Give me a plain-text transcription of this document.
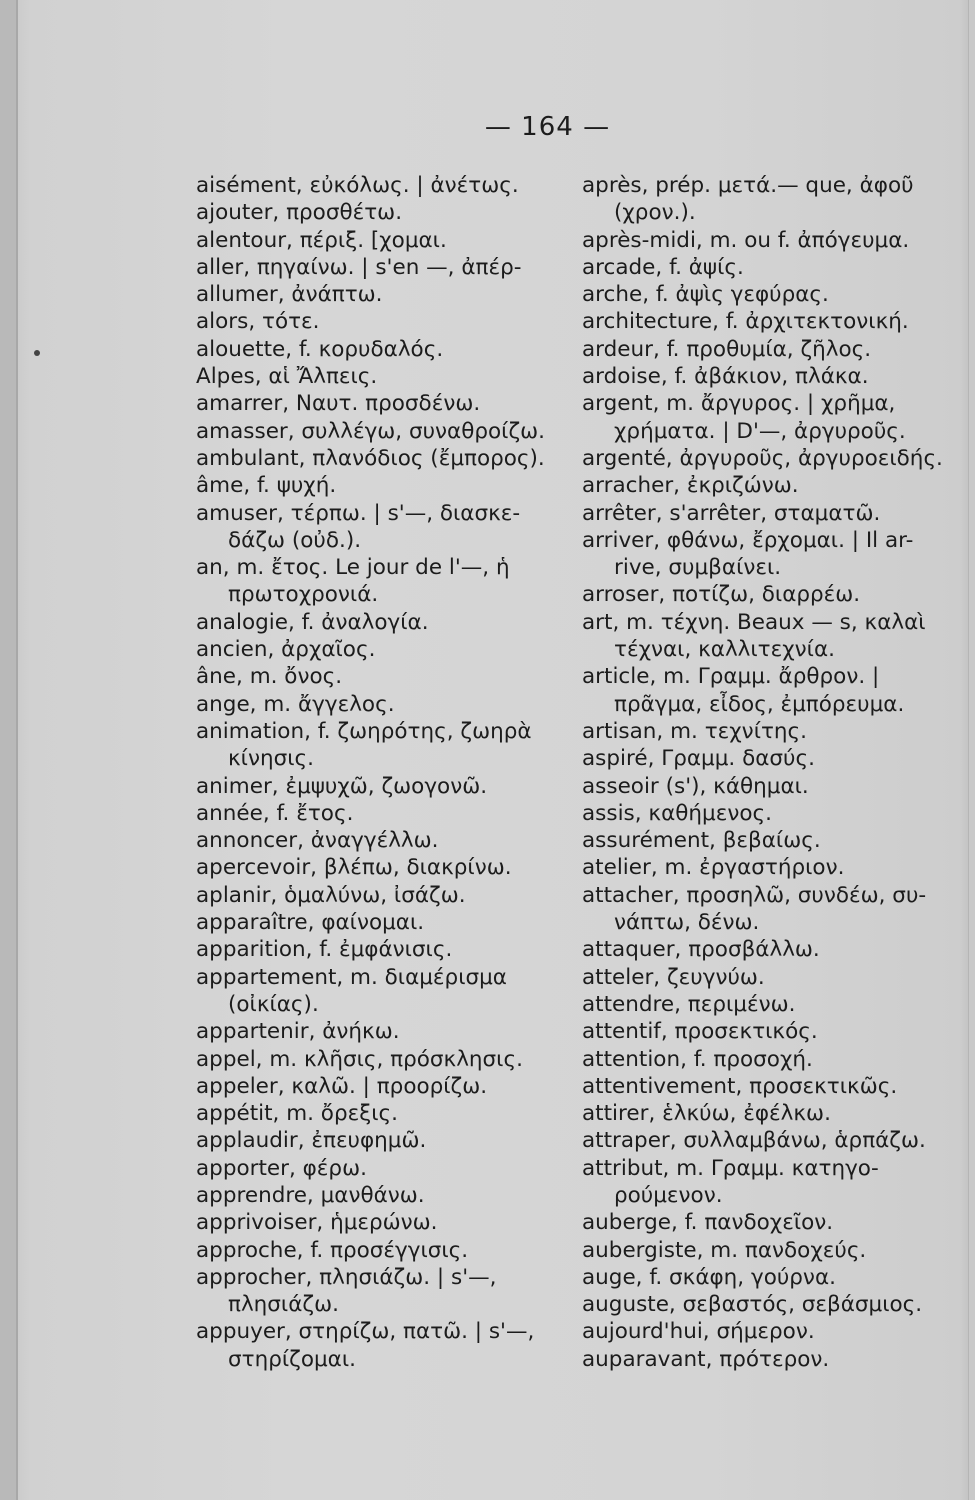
— 164 —
aisément, εὐκόλως. | ἀνέτως.
ajouter, προσθέτω.
alentour, πέριξ. [χομαι.
aller, πηγαίνω. | s'en —, ἀπέρ-
allumer, ἀνάπτω.
alors, τότε.
alouette, f. κορυδαλός.
Alpes, αἱ Ἄλπεις.
amarrer, Ναυτ. προσδένω.
amasser, συλλέγω, συναθροίζω.
ambulant, πλανόδιος (ἔμπορος).
âme, f. ψυχή.
amuser, τέρπω. | s'—, διασκε-
δάζω (οὐδ.).
an, m. ἔτος. Le jour de l'—, ἡ
πρωτοχρονιά.
analogie, f. ἀναλογία.
ancien, ἀρχαῖος.
âne, m. ὄνος.
ange, m. ἄγγελος.
animation, f. ζωηρότης, ζωηρὰ
κίνησις.
animer, ἐμψυχῶ, ζωογονῶ.
année, f. ἔτος.
annoncer, ἀναγγέλλω.
apercevoir, βλέπω, διακρίνω.
aplanir, ὁμαλύνω, ἰσάζω.
apparaître, φαίνομαι.
apparition, f. ἐμφάνισις.
appartement, m. διαμέρισμα
(οἰκίας).
appartenir, ἀνήκω.
appel, m. κλῆσις, πρόσκλησις.
appeler, καλῶ. | προορίζω.
appétit, m. ὄρεξις.
applaudir, ἐπευφημῶ.
apporter, φέρω.
apprendre, μανθάνω.
apprivoiser, ἡμερώνω.
approche, f. προσέγγισις.
approcher, πλησιάζω. | s'—,
πλησιάζω.
appuyer, στηρίζω, πατῶ. | s'—,
στηρίζομαι.
après, prép. μετά.— que, ἀφοῦ
(χρον.).
après-midi, m. ou f. ἀπόγευμα.
arcade, f. ἀψίς.
arche, f. ἀψὶς γεφύρας.
architecture, f. ἀρχιτεκτονική.
ardeur, f. προθυμία, ζῆλος.
ardoise, f. ἀβάκιον, πλάκα.
argent, m. ἄργυρος. | χρῆμα,
χρήματα. | D'—, ἀργυροῦς.
argenté, ἀργυροῦς, ἀργυροειδής.
arracher, ἐκριζώνω.
arrêter, s'arrêter, σταματῶ.
arriver, φθάνω, ἔρχομαι. | Il ar-
rive, συμβαίνει.
arroser, ποτίζω, διαρρέω.
art, m. τέχνη. Beaux — s, καλαὶ
τέχναι, καλλιτεχνία.
article, m. Γραμμ. ἄρθρον. |
πρᾶγμα, εἶδος, ἐμπόρευμα.
artisan, m. τεχνίτης.
aspiré, Γραμμ. δασύς.
asseoir (s'), κάθημαι.
assis, καθήμενος.
assurément, βεβαίως.
atelier, m. ἐργαστήριον.
attacher, προσηλῶ, συνδέω, συ-
νάπτω, δένω.
attaquer, προσβάλλω.
atteler, ζευγνύω.
attendre, περιμένω.
attentif, προσεκτικός.
attention, f. προσοχή.
attentivement, προσεκτικῶς.
attirer, ἑλκύω, ἐφέλκω.
attraper, συλλαμβάνω, ἁρπάζω.
attribut, m. Γραμμ. κατηγο-
ρούμενον.
auberge, f. πανδοχεῖον.
aubergiste, m. πανδοχεύς.
auge, f. σκάφη, γούρνα.
auguste, σεβαστός, σεβάσμιος.
aujourd'hui, σήμερον.
auparavant, πρότερον.
